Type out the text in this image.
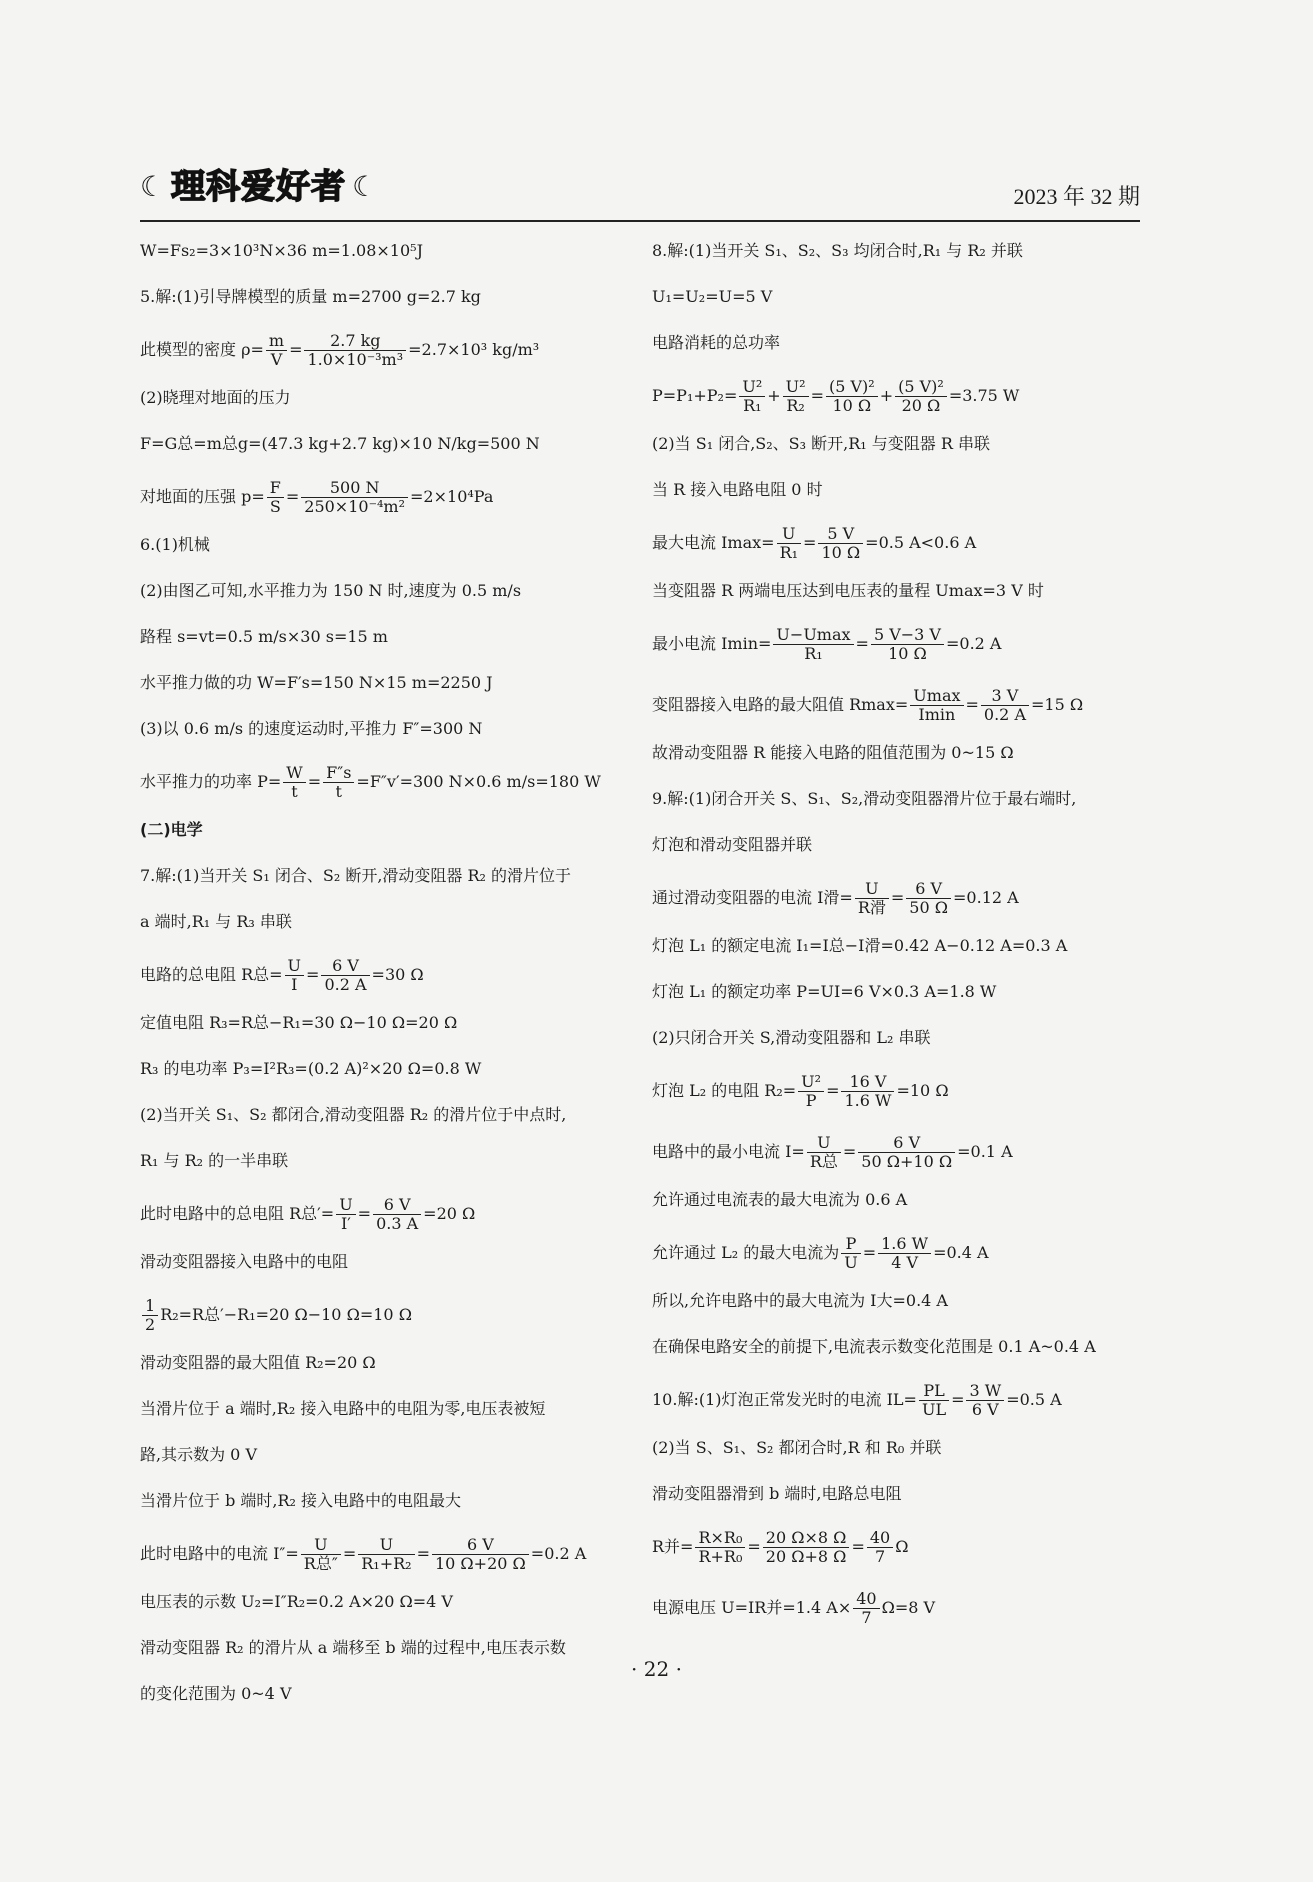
☾ 理科爱好者 ☾	2023 年 32 期
W=Fs₂=3×10³N×36 m=1.08×10⁵J
5.解:(1)引导牌模型的质量 m=2700 g=2.7 kg
此模型的密度 $\rho= \frac{m}{V} = \frac{2.7 kg}{\text{1.0×10⁻³m³}} =2.7\times 10^3$ kg/m³
(2)晓理对地面的压力
F=G总=m总g=(47.3 kg+2.7 kg)×10 N/kg=500 N
对地面的压强 $p= \frac{F}{S} = \frac{500 N}{\text{250×10⁻⁴m²}} =2\times 10^4Pa$
6.(1)机械
(2)由图乙可知,水平推力为 150 N 时,速度为 0.5 m/s
路程 s=vt=0.5 m/s×30 s=15 m
水平推力做的功 W=F′s=150 N×15 m=2250 J
(3)以 0.6 m/s 的速度运动时,平推力 F″=300 N
水平推力的功率 $P= \frac{W}{t} = \frac{F''s}{t} =F''v'=300$ N×0.6 m/s=180 W
(二)电学
7.解:(1)当开关 S₁ 闭合、S₂ 断开,滑动变阻器 R₂ 的滑片位于
a 端时,R₁ 与 R₃ 串联
电路的总电阻 R总= $\frac{U}{I} = \frac{6 V}{0.2 A} =30$ Ω
定值电阻 R₃=R总−R₁=30 Ω−10 Ω=20 Ω
R₃ 的电功率 P₃=I²R₃=(0.2 A)²×20 Ω=0.8 W
(2)当开关 S₁、S₂ 都闭合,滑动变阻器 R₂ 的滑片位于中点时,
R₁ 与 R₂ 的一半串联
此时电路中的总电阻 R总′= $\frac{U}{I'} = \frac{6 V}{0.3 A} =20$ Ω
滑动变阻器接入电路中的电阻
$\frac{1}{2} R_2=R$总′−R₁=20 Ω−10 Ω=10 Ω
滑动变阻器的最大阻值 R₂=20 Ω
当滑片位于 a 端时,R₂ 接入电路中的电阻为零,电压表被短
路,其示数为 0 V
当滑片位于 b 端时,R₂ 接入电路中的电阻最大
此时电路中的电流 $I''= \frac{U}{\text{R总″}} = \frac{U}{\text{R₁+R₂}} = \frac{6 V}{10 \Omega+20 \Omega} =0.2$ A
电压表的示数 U₂=I″R₂=0.2 A×20 Ω=4 V
滑动变阻器 R₂ 的滑片从 a 端移至 b 端的过程中,电压表示数
的变化范围为 0~4 V
8.解:(1)当开关 S₁、S₂、S₃ 均闭合时,R₁ 与 R₂ 并联
U₁=U₂=U=5 V
电路消耗的总功率
$P=P_1+P_2= \frac{\text{U²}}{\text{R₁}} + \frac{\text{U²}}{\text{R₂}} = \frac{\text{(5 V)²}}{10 \Omega} + \frac{\text{(5 V)²}}{20 \Omega} =3.75$ W
(2)当 S₁ 闭合,S₂、S₃ 断开,R₁ 与变阻器 R 串联
当 R 接入电路电阻 0 时
最大电流 $Imax= \frac{U}{\text{R₁}} = \frac{5 V}{10 \Omega} =0.5$ A<0.6 A
当变阻器 R 两端电压达到电压表的量程 Umax=3 V 时
最小电流 $Imin= \frac{U-Umax}{\text{R₁}} = \frac{5 V-3 V}{10 \Omega} =0.2$ A
变阻器接入电路的最大阻值 $Rmax= \frac{Umax}{Imin} = \frac{3 V}{0.2 A} =15$ Ω
故滑动变阻器 R 能接入电路的阻值范围为 0~15 Ω
9.解:(1)闭合开关 S、S₁、S₂,滑动变阻器滑片位于最右端时,
灯泡和滑动变阻器并联
通过滑动变阻器的电流 I滑= $\frac{U}{\text{R滑}} = \frac{6 V}{50 \Omega} =0.12$ A
灯泡 L₁ 的额定电流 I₁=I总−I滑=0.42 A−0.12 A=0.3 A
灯泡 L₁ 的额定功率 P=UI=6 V×0.3 A=1.8 W
(2)只闭合开关 S,滑动变阻器和 L₂ 串联
灯泡 L₂ 的电阻 $R_2= \frac{\text{U²}}{P} = \frac{16 V}{1.6 W} =10$ Ω
电路中的最小电流 $I= \frac{U}{\text{R总}} = \frac{6 V}{50 \Omega+10 \Omega} =0.1$ A
允许通过电流表的最大电流为 0.6 A
允许通过 L₂ 的最大电流为 $\frac{P}{U} = \frac{1.6 W}{4 V} =0.4$ A
所以,允许电路中的最大电流为 I大=0.4 A
在确保电路安全的前提下,电流表示数变化范围是 0.1 A~0.4 A
10.解:(1)灯泡正常发光时的电流 $IL= \frac{PL}{UL} = \frac{3 W}{6 V} =0.5$ A
(2)当 S、S₁、S₂ 都闭合时,R 和 R₀ 并联
滑动变阻器滑到 b 端时,电路总电阻
R并= $\frac{\text{R×R₀}}{\text{R+R₀}} = \frac{20 \Omega\times 8 \Omega}{20 \Omega+8 \Omega} = \frac{40}{7}$ Ω
电源电压 U=IR并=1.4 $A\times \frac{40}{7} \Omega=8$ V
· 22 ·
